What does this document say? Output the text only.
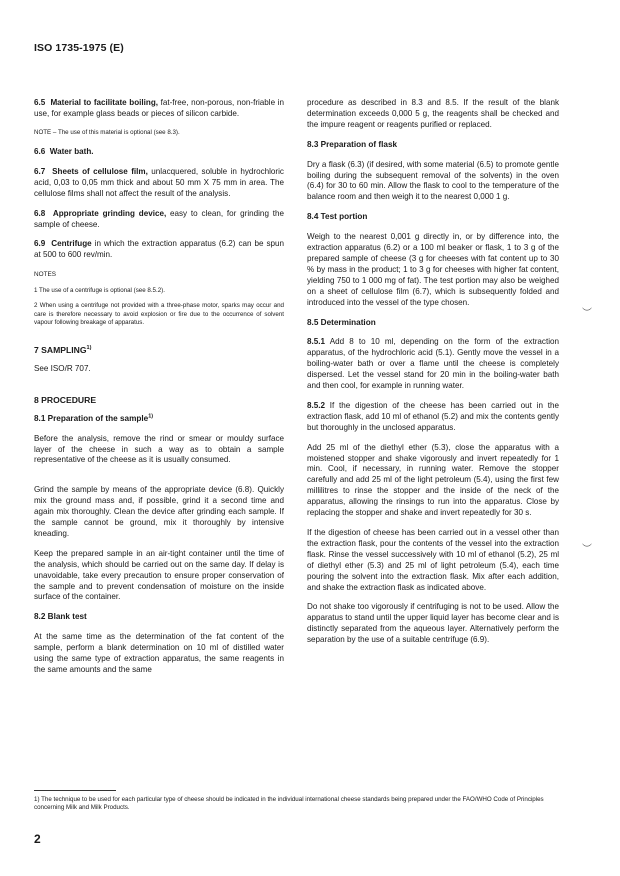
ISO 1735-1975 (E)
6.5 Material to facilitate boiling, fat-free, non-porous, non-friable in use, for example glass beads or pieces of silicon carbide.
NOTE – The use of this material is optional (see 8.3).
6.6 Water bath.
6.7 Sheets of cellulose film, unlacquered, soluble in hydrochloric acid, 0,03 to 0,05 mm thick and about 50 mm X 75 mm in area. The cellulose films shall not affect the result of the analysis.
6.8 Appropriate grinding device, easy to clean, for grinding the sample of cheese.
6.9 Centrifuge in which the extraction apparatus (6.2) can be spun at 500 to 600 rev/min.
NOTES
1 The use of a centrifuge is optional (see 8.5.2).
2 When using a centrifuge not provided with a three-phase motor, sparks may occur and care is therefore necessary to avoid explosion or fire due to the occurrence of solvent vapour following breakage of apparatus.
7 SAMPLING$^{1)}$

See ISO/R 707.

8 PROCEDURE
8.1 Preparation of the sample$^{1)}$

Before the analysis, remove the rind or smear or mouldy surface layer of the cheese in such a way as to obtain a sample representative of the cheese as it is usually consumed.

Grind the sample by means of the appropriate device (6.8). Quickly mix the ground mass and, if possible, grind it a second time and again mix thoroughly. Clean the device after grinding each sample. If the sample cannot be ground, mix it thoroughly by intensive kneading.

Keep the prepared sample in an air-tight container until the time of the analysis, which should be carried out on the same day. If delay is unavoidable, take every precaution to ensure proper conservation of the sample and to prevent condensation of moisture on the inside surface of the container.

8.2 Blank test

At the same time as the determination of the fat content of the sample, perform a blank determination on 10 ml of distilled water using the same type of extraction apparatus, the same reagents in the same amounts and the same

procedure as described in 8.3 and 8.5. If the result of the blank determination exceeds 0,000 5 g, the reagents shall be checked and the impure reagent or reagents purified or replaced.

8.3 Preparation of flask

Dry a flask (6.3) (if desired, with some material (6.5) to promote gentle boiling during the subsequent removal of the solvents) in the oven (6.4) for 30 to 60 min. Allow the flask to cool to the temperature of the balance room and then weigh it to the nearest 0,000 1 g.

8.4 Test portion

Weigh to the nearest 0,001 g directly in, or by difference into, the extraction apparatus (6.2) or a 100 ml beaker or flask, 1 to 3 g of the prepared sample of cheese (3 g for cheeses with fat content up to 30 % by mass in the product; 1 to 3 g for cheeses with higher fat content, yielding 750 to 1 000 mg of fat). The test portion may also be weighed on a sheet of cellulose film (6.7), which is subsequently folded and introduced into the vessel of the type chosen.

8.5 Determination

8.5.1 Add 8 to 10 ml, depending on the form of the extraction apparatus, of the hydrochloric acid (5.1). Gently move the vessel in a boiling-water bath or over a flame until the cheese is completely dispersed. Let the vessel stand for 20 min in the boiling-water bath and then cool, for example in running water.

8.5.2 If the digestion of the cheese has been carried out in the extraction flask, add 10 ml of ethanol (5.2) and mix the contents gently but thoroughly in the unclosed apparatus.

Add 25 ml of the diethyl ether (5.3), close the apparatus with a moistened stopper and shake vigorously and invert repeatedly for 1 min. Cool, if necessary, in running water. Remove the stopper carefully and add 25 ml of the light petroleum (5.4), using the first few millilitres to rinse the stopper and the inside of the neck of the apparatus, allowing the rinsings to run into the apparatus. Close by replacing the stopper and shake and invert repeatedly for 30 s.

If the digestion of cheese has been carried out in a vessel other than the extraction flask, pour the contents of the vessel into the extraction flask. Rinse the vessel successively with 10 ml of ethanol (5.2), 25 ml of diethyl ether (5.3) and 25 ml of light petroleum (5.4), each time pouring the solvent into the extraction flask. Mix after each addition, and shake the extraction flask as indicated above.

Do not shake too vigorously if centrifuging is not to be used. Allow the apparatus to stand until the upper liquid layer has become clear and is distinctly separated from the aqueous layer. Alternatively perform the separation by the use of a suitable centrifuge (6.9).

︶
︶
1) The technique to be used for each particular type of cheese should be indicated in the individual international cheese standards being prepared under the FAO/WHO Code of Principles concerning Milk and Milk Products.
2
